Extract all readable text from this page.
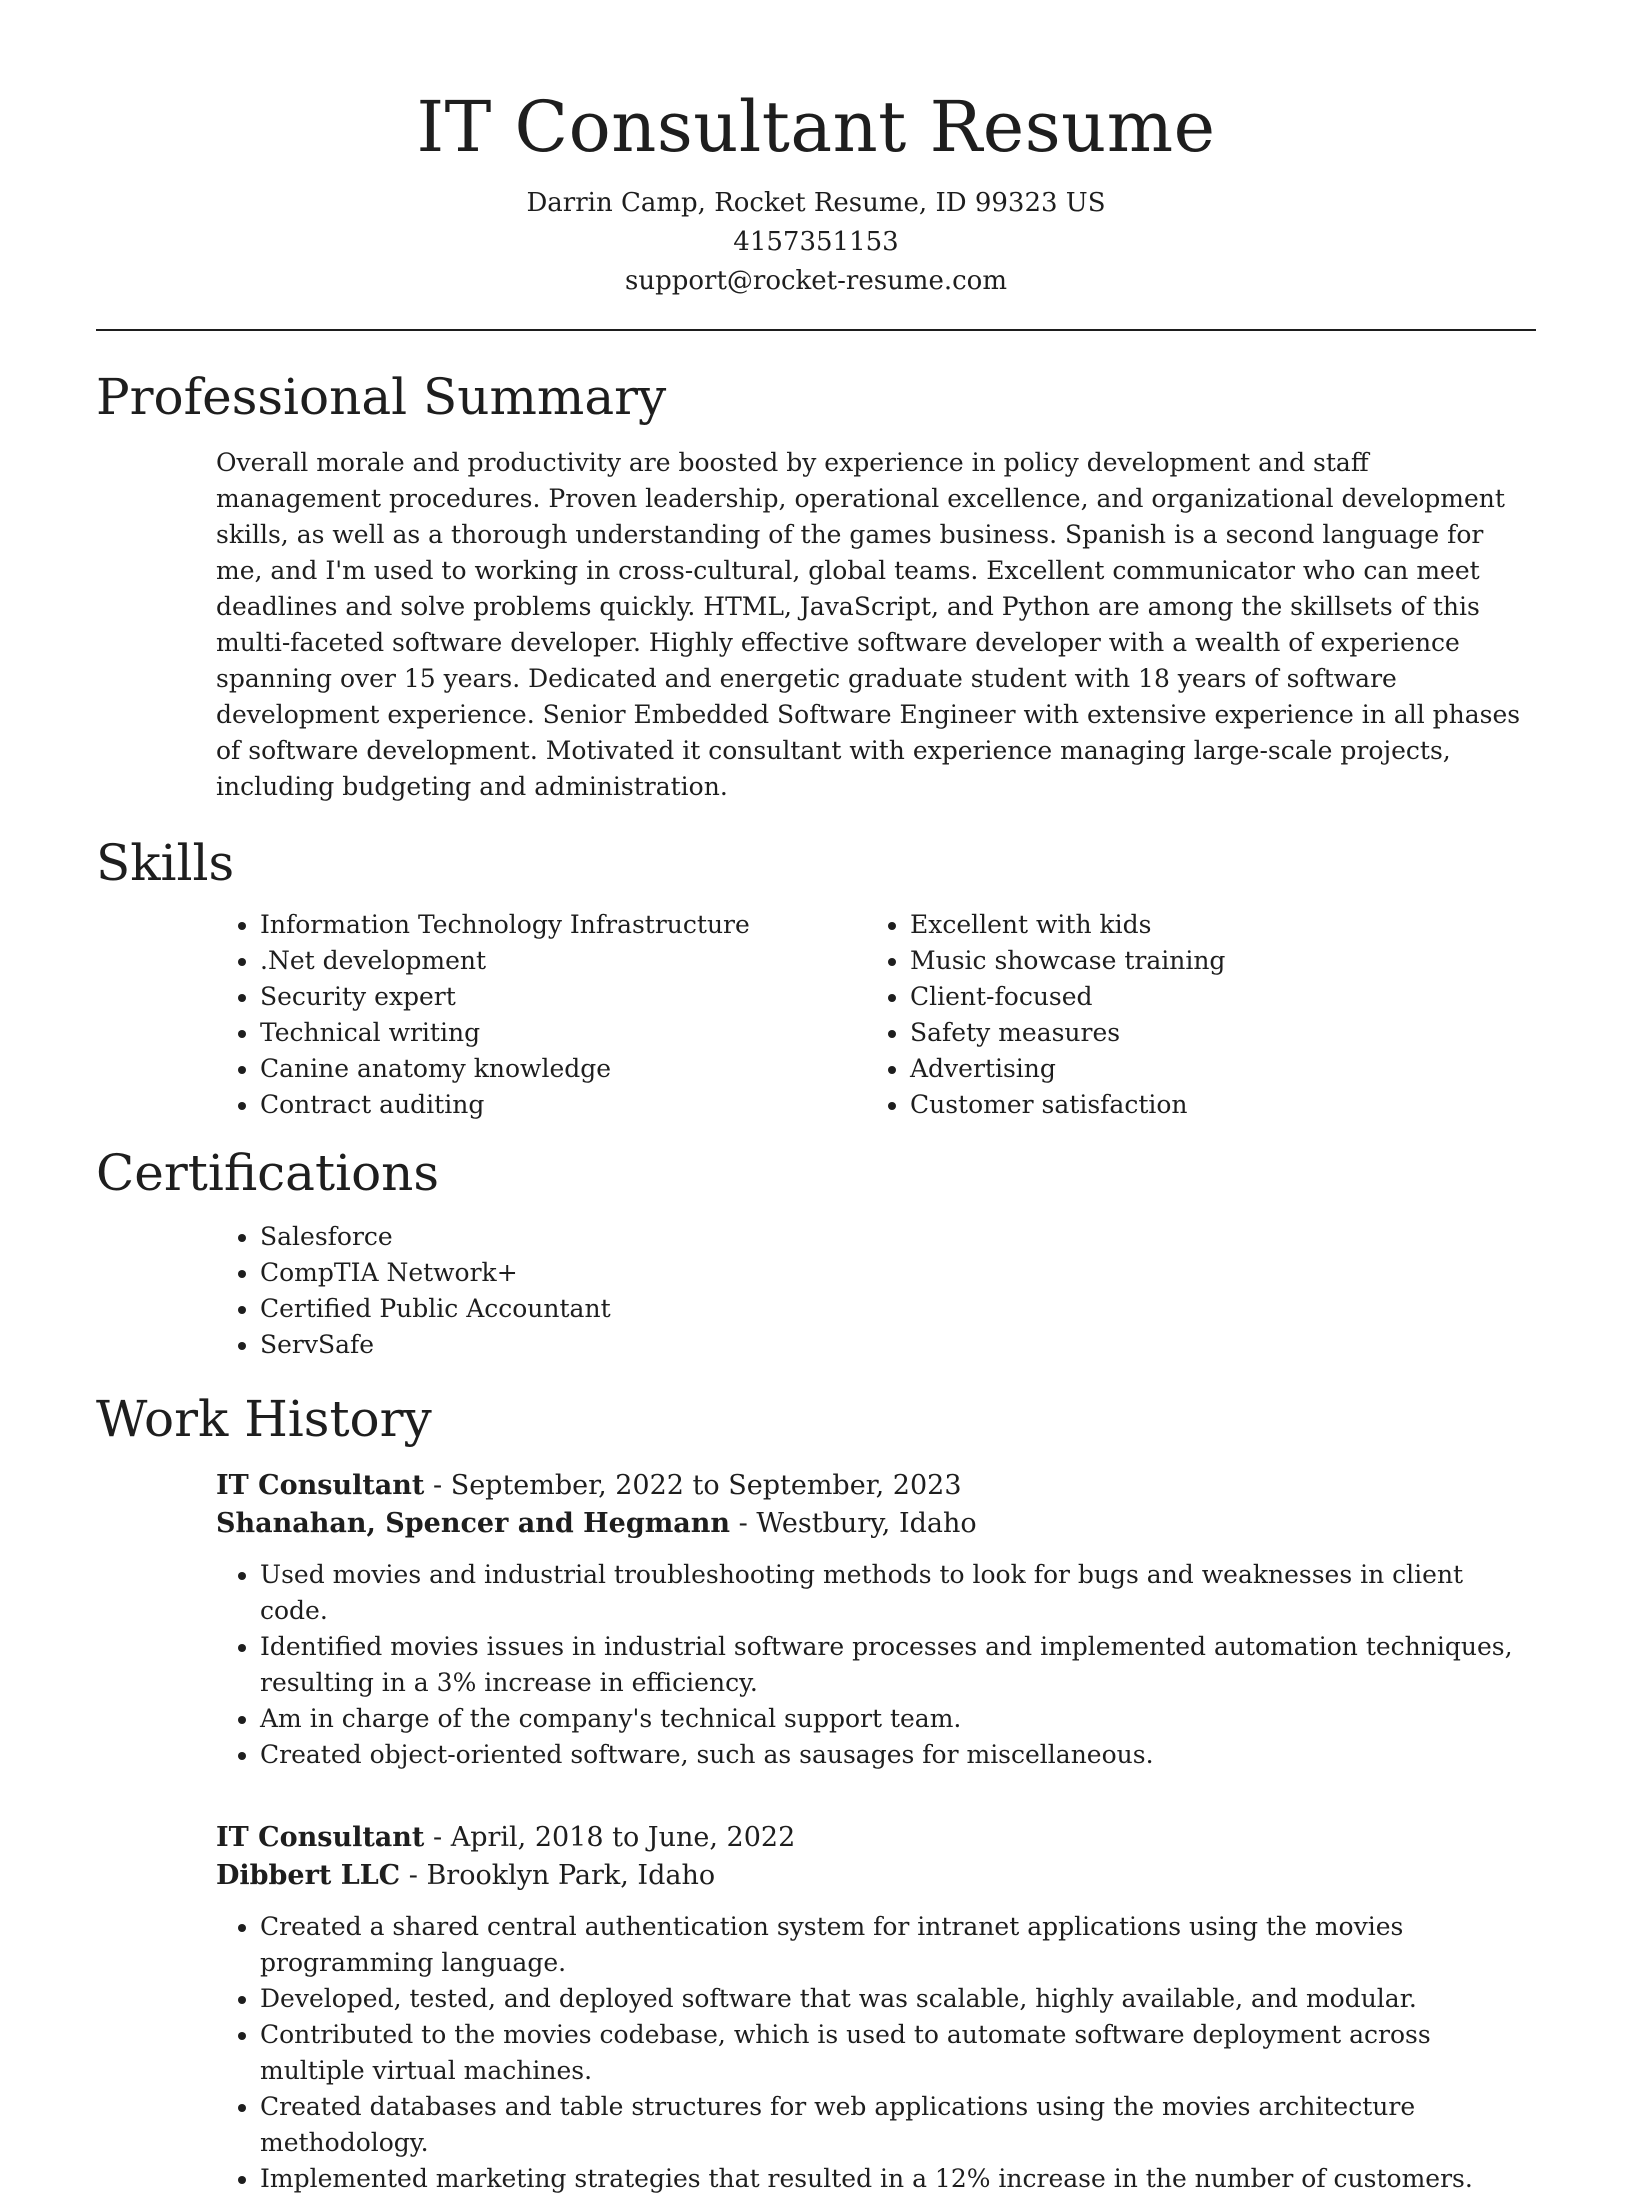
IT Consultant Resume
Darrin Camp, Rocket Resume, ID 99323 US
4157351153
support@rocket-resume.com
Professional Summary

Overall morale and productivity are boosted by experience in policy development and staff management procedures. Proven leadership, operational excellence, and organizational development skills, as well as a thorough understanding of the games business. Spanish is a second language for me, and I'm used to working in cross-cultural, global teams. Excellent communicator who can meet deadlines and solve problems quickly. HTML, JavaScript, and Python are among the skillsets of this multi-faceted software developer. Highly effective software developer with a wealth of experience spanning over 15 years. Dedicated and energetic graduate student with 18 years of software development experience. Senior Embedded Software Engineer with extensive experience in all phases of software development. Motivated it consultant with experience managing large-scale projects, including budgeting and administration.

Skills
• Information Technology Infrastructure
• .Net development
• Security expert
• Technical writing
• Canine anatomy knowledge
• Contract auditing
• Excellent with kids
• Music showcase training
• Client-focused
• Safety measures
• Advertising
• Customer satisfaction
Certifications
• Salesforce
• CompTIA Network+
• Certified Public Accountant
• ServSafe
Work History
IT Consultant - September, 2022 to September, 2023
Shanahan, Spencer and Hegmann - Westbury, Idaho
• Used movies and industrial troubleshooting methods to look for bugs and weaknesses in client code.
• Identified movies issues in industrial software processes and implemented automation techniques, resulting in a 3% increase in efficiency.
• Am in charge of the company's technical support team.
• Created object-oriented software, such as sausages for miscellaneous.
IT Consultant - April, 2018 to June, 2022
Dibbert LLC - Brooklyn Park, Idaho
• Created a shared central authentication system for intranet applications using the movies programming language.
• Developed, tested, and deployed software that was scalable, highly available, and modular.
• Contributed to the movies codebase, which is used to automate software deployment across multiple virtual machines.
• Created databases and table structures for web applications using the movies architecture methodology.
• Implemented marketing strategies that resulted in a 12% increase in the number of customers.
